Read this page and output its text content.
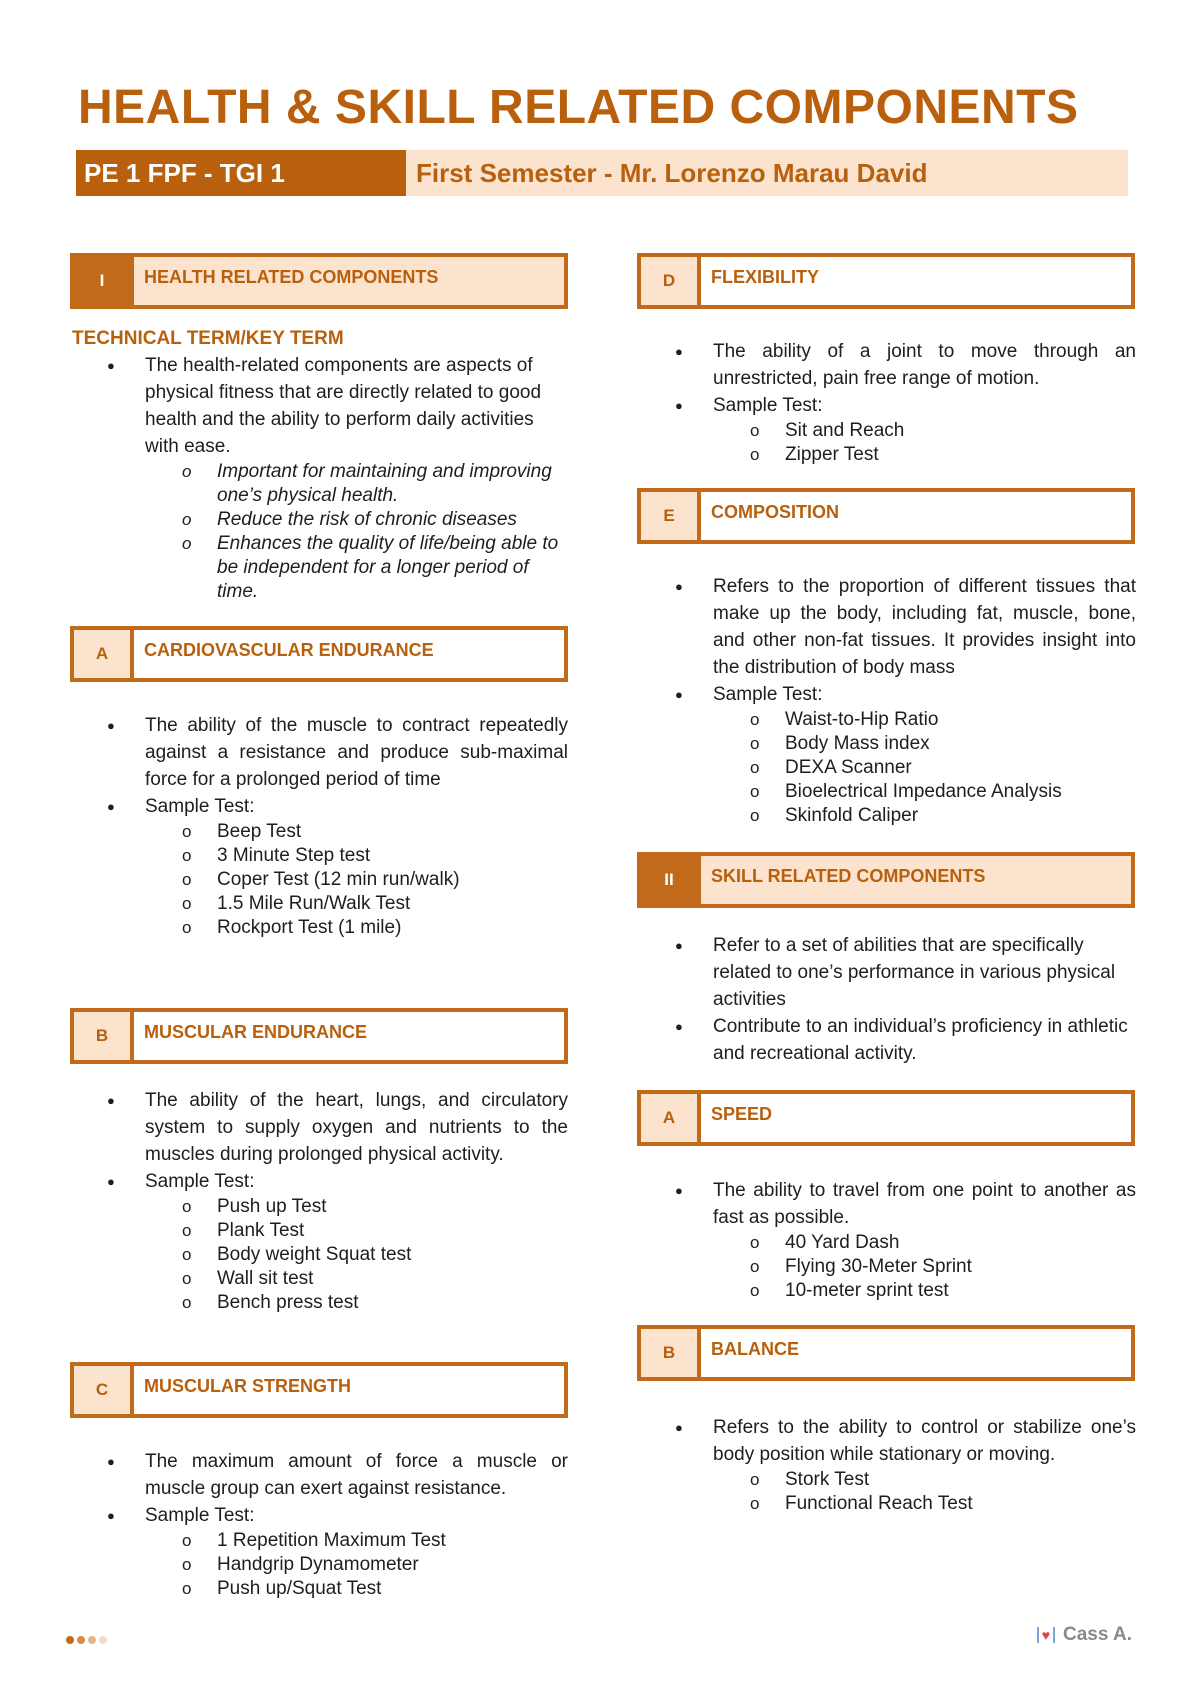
HEALTH & SKILL RELATED COMPONENTS
PE 1 FPF - TGI 1	First Semester - Mr. Lorenzo Marau David
I	HEALTH RELATED COMPONENTS
TECHNICAL TERM/KEY TERM
● The health-related components are aspects of physical fitness that are directly related to good health and the ability to perform daily activities with ease.
o Important for maintaining and improving one’s physical health.
o Reduce the risk of chronic diseases
o Enhances the quality of life/being able to be independent for a longer period of time.
A	CARDIOVASCULAR ENDURANCE
● The ability of the muscle to contract repeatedly against a resistance and produce sub-maximal force for a prolonged period of time
● Sample Test:
o Beep Test
o 3 Minute Step test
o Coper Test (12 min run/walk)
o 1.5 Mile Run/Walk Test
o Rockport Test (1 mile)
B	MUSCULAR ENDURANCE
● The ability of the heart, lungs, and circulatory system to supply oxygen and nutrients to the muscles during prolonged physical activity.
● Sample Test:
o Push up Test
o Plank Test
o Body weight Squat test
o Wall sit test
o Bench press test
C	MUSCULAR STRENGTH
● The maximum amount of force a muscle or muscle group can exert against resistance.
● Sample Test:
o 1 Repetition Maximum Test
o Handgrip Dynamometer
o Push up/Squat Test
D	FLEXIBILITY
● The ability of a joint to move through an unrestricted, pain free range of motion.
● Sample Test:
o Sit and Reach
o Zipper Test
E	COMPOSITION
● Refers to the proportion of different tissues that make up the body, including fat, muscle, bone, and other non-fat tissues. It provides insight into the distribution of body mass
● Sample Test:
o Waist-to-Hip Ratio
o Body Mass index
o DEXA Scanner
o Bioelectrical Impedance Analysis
o Skinfold Caliper
II	SKILL RELATED COMPONENTS
● Refer to a set of abilities that are specifically related to one’s performance in various physical activities
● Contribute to an individual’s proficiency in athletic and recreational activity.
A	SPEED
● The ability to travel from one point to another as fast as possible.
o 40 Yard Dash
o Flying 30-Meter Sprint
o 10-meter sprint test
B	BALANCE
● Refers to the ability to control or stabilize one’s body position while stationary or moving.
o Stork Test
o Functional Reach Test
♥ Cass A.
